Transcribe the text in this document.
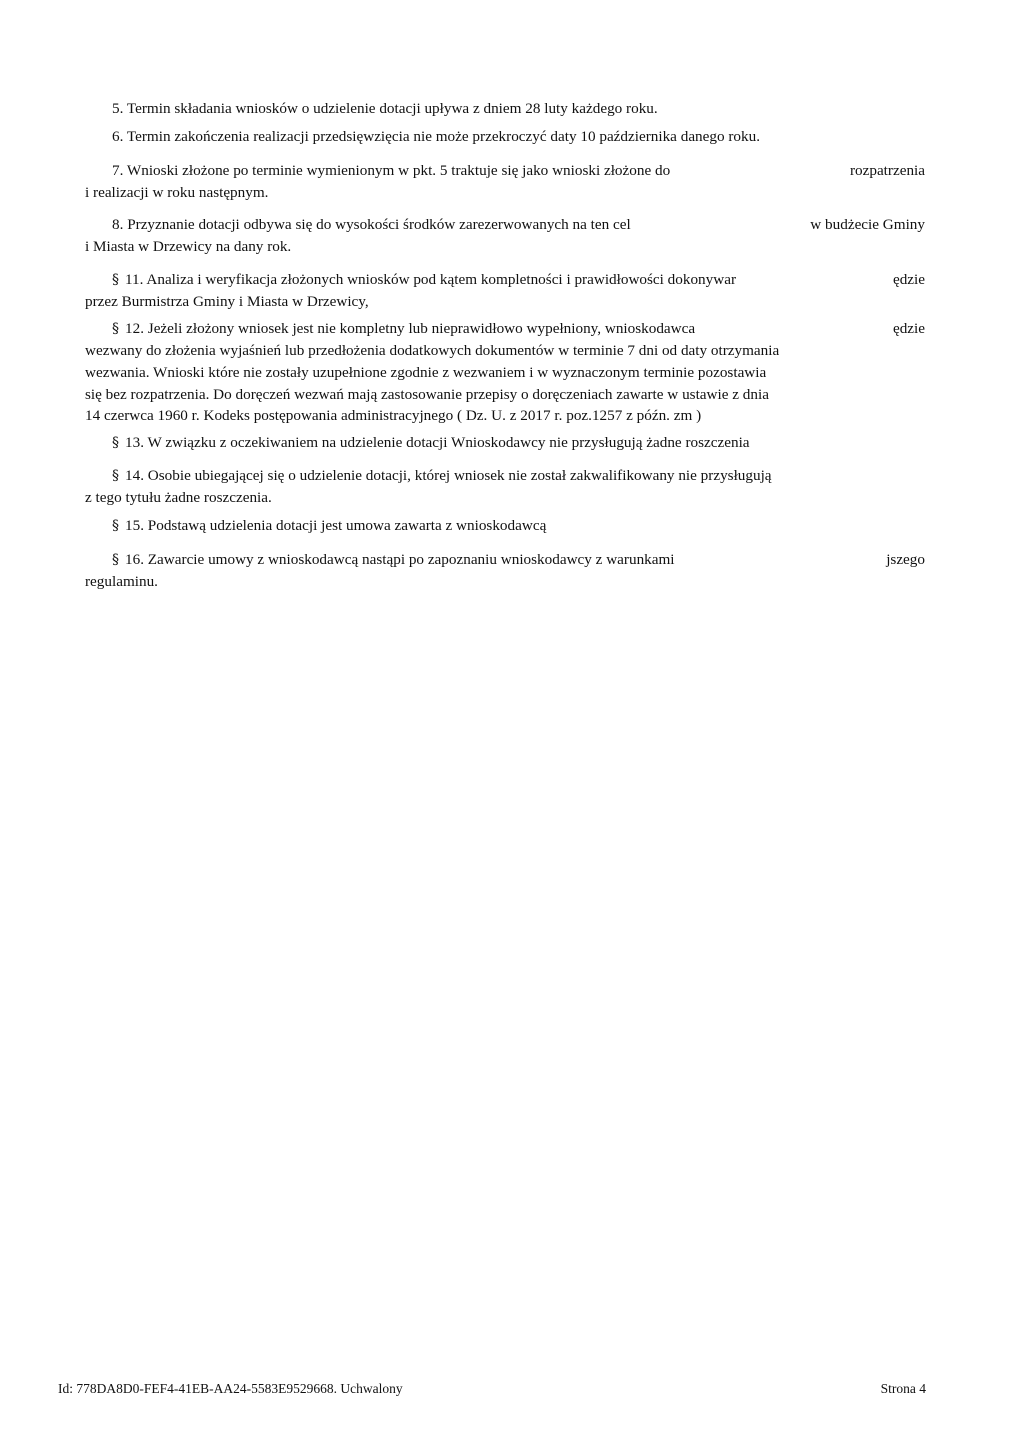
5. Termin składania wniosków o udzielenie dotacji upływa z dniem 28 luty każdego roku.
6. Termin zakończenia realizacji przedsięwzięcia nie może przekroczyć daty 10 października danego roku.
7. Wnioski złożone po terminie wymienionym w pkt. 5 traktuje się jako wnioski złożone do	rozpatrzenia
i realizacji w roku następnym.
8. Przyznanie dotacji odbywa się do wysokości środków zarezerwowanych na ten cel	w budżecie Gminy
i Miasta w Drzewicy na dany rok.
§ 11. Analiza i weryfikacja złożonych wniosków pod kątem kompletności i prawidłowości dokonywar	ędzie
przez Burmistrza Gminy i Miasta w Drzewicy,
§ 12. Jeżeli złożony wniosek jest nie kompletny lub nieprawidłowo wypełniony, wnioskodawca	ędzie
wezwany do złożenia wyjaśnień lub przedłożenia dodatkowych dokumentów w terminie 7 dni od daty otrzymania
wezwania. Wnioski które nie zostały uzupełnione zgodnie z wezwaniem i w wyznaczonym terminie pozostawia
się bez rozpatrzenia. Do doręczeń wezwań mają zastosowanie przepisy o doręczeniach zawarte w ustawie z dnia
14 czerwca 1960 r. Kodeks postępowania administracyjnego ( Dz. U. z 2017 r. poz.1257 z późn. zm )
§ 13. W związku z oczekiwaniem na udzielenie dotacji Wnioskodawcy nie przysługują żadne roszczenia
§ 14. Osobie ubiegającej się o udzielenie dotacji, której wniosek nie został zakwalifikowany nie przysługują
z tego tytułu żadne roszczenia.
§ 15. Podstawą udzielenia dotacji jest umowa zawarta z wnioskodawcą
§ 16. Zawarcie umowy z wnioskodawcą nastąpi po zapoznaniu wnioskodawcy z warunkami	jszego
regulaminu.
Id: 778DA8D0-FEF4-41EB-AA24-5583E9529668. Uchwalony	Strona 4
